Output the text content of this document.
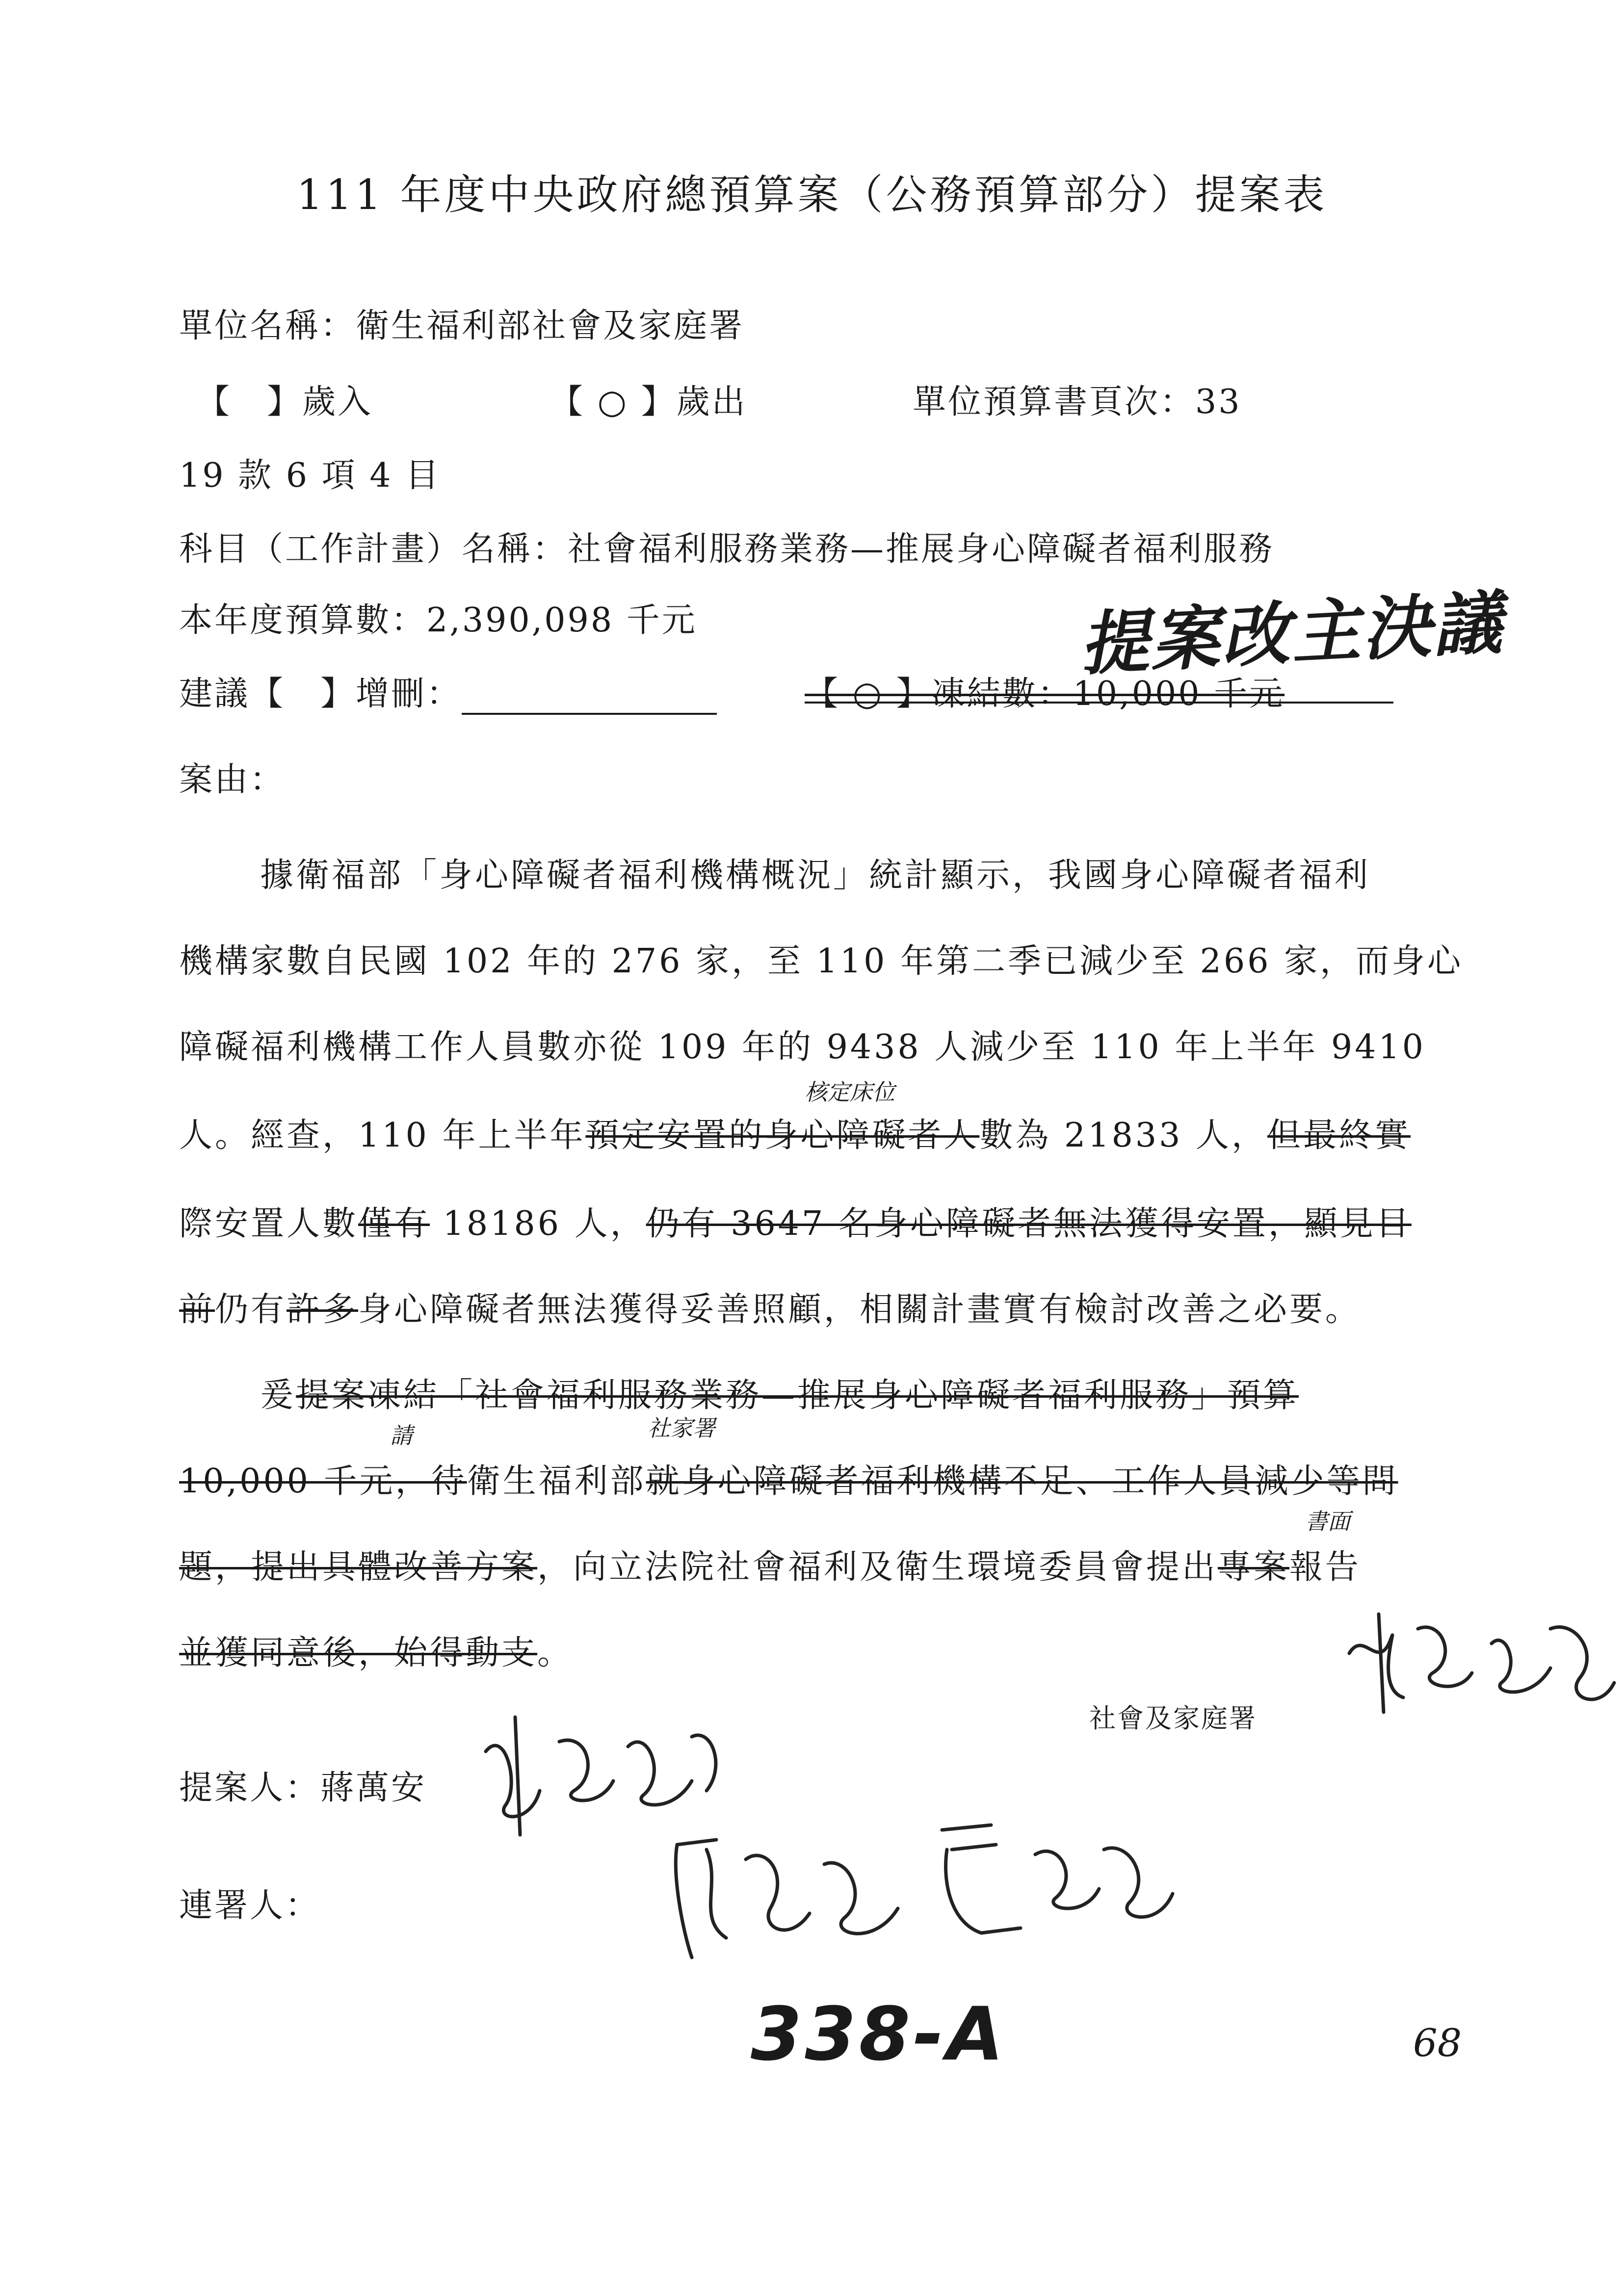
111 年度中央政府總預算案（公務預算部分）提案表
單位名稱：衛生福利部社會及家庭署
【　】歲入	【 ○ 】歲出	單位預算書頁次：33
19 款 6 項 4 目
科目（工作計畫）名稱：社會福利服務業務—推展身心障礙者福利服務
本年度預算數：2,390,098 千元
建議【　】增刪：	【 ○ 】凍結數：10,000 千元
提案改主決議
案由：
據衛福部「身心障礙者福利機構概況」統計顯示，我國身心障礙者福利
機構家數自民國 102 年的 276 家，至 110 年第二季已減少至 266 家，而身心
障礙福利機構工作人員數亦從 109 年的 9438 人減少至 110 年上半年 9410
人。經查，110 年上半年預定安置的身心障礙者人數為 21833 人，但最終實
核定床位
際安置人數僅有 18186 人，仍有 3647 名身心障礙者無法獲得安置，顯見目
前仍有許多身心障礙者無法獲得妥善照顧，相關計畫實有檢討改善之必要。
爰提案凍結「社會福利服務業務—推展身心障礙者福利服務」預算
10,000 千元，待衛生福利部就身心障礙者福利機構不足、工作人員減少等問
請	社家署
題，提出具體改善方案，向立法院社會福利及衛生環境委員會提出專案報告
書面
並獲同意後，始得動支。
社會及家庭署
提案人：蔣萬安
連署人：
338-A	68
